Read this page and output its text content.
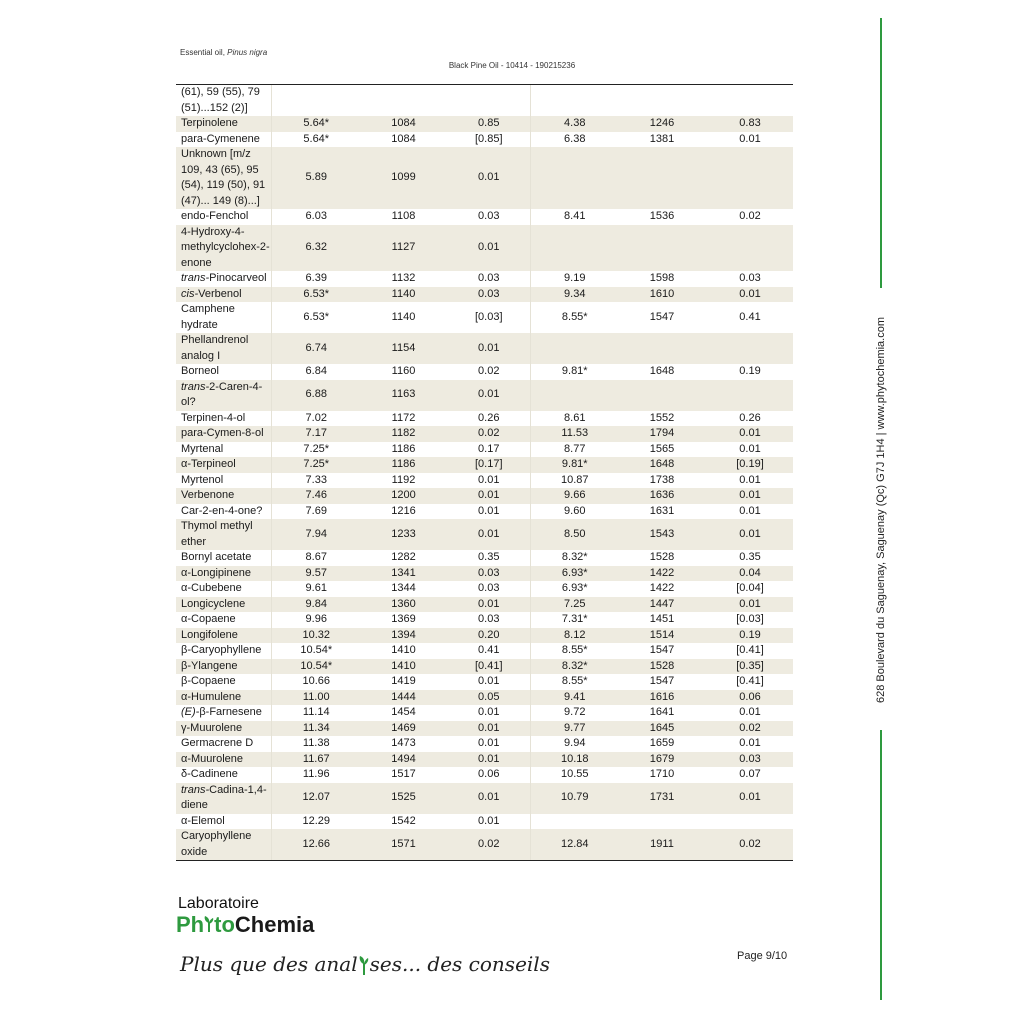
Essential oil, Pinus nigra
Black Pine Oil - 10414 - 190215236
(61), 59 (55), 79 (51)...152 (2)]						
Terpinolene	5.64*	1084	0.85	4.38	1246	0.83
para-Cymenene	5.64*	1084	[0.85]	6.38	1381	0.01
Unknown [m/z 109, 43 (65), 95 (54), 119 (50), 91 (47)... 149 (8)...]	5.89	1099	0.01			
endo-Fenchol	6.03	1108	0.03	8.41	1536	0.02
4-Hydroxy-4-methylcyclohex-2-enone	6.32	1127	0.01			
trans-Pinocarveol	6.39	1132	0.03	9.19	1598	0.03
cis-Verbenol	6.53*	1140	0.03	9.34	1610	0.01
Camphene hydrate	6.53*	1140	[0.03]	8.55*	1547	0.41
Phellandrenol analog I	6.74	1154	0.01			
Borneol	6.84	1160	0.02	9.81*	1648	0.19
trans-2-Caren-4-ol?	6.88	1163	0.01			
Terpinen-4-ol	7.02	1172	0.26	8.61	1552	0.26
para-Cymen-8-ol	7.17	1182	0.02	11.53	1794	0.01
Myrtenal	7.25*	1186	0.17	8.77	1565	0.01
α-Terpineol	7.25*	1186	[0.17]	9.81*	1648	[0.19]
Myrtenol	7.33	1192	0.01	10.87	1738	0.01
Verbenone	7.46	1200	0.01	9.66	1636	0.01
Car-2-en-4-one?	7.69	1216	0.01	9.60	1631	0.01
Thymol methyl ether	7.94	1233	0.01	8.50	1543	0.01
Bornyl acetate	8.67	1282	0.35	8.32*	1528	0.35
α-Longipinene	9.57	1341	0.03	6.93*	1422	0.04
α-Cubebene	9.61	1344	0.03	6.93*	1422	[0.04]
Longicyclene	9.84	1360	0.01	7.25	1447	0.01
α-Copaene	9.96	1369	0.03	7.31*	1451	[0.03]
Longifolene	10.32	1394	0.20	8.12	1514	0.19
β-Caryophyllene	10.54*	1410	0.41	8.55*	1547	[0.41]
β-Ylangene	10.54*	1410	[0.41]	8.32*	1528	[0.35]
β-Copaene	10.66	1419	0.01	8.55*	1547	[0.41]
α-Humulene	11.00	1444	0.05	9.41	1616	0.06
(E)-β-Farnesene	11.14	1454	0.01	9.72	1641	0.01
γ-Muurolene	11.34	1469	0.01	9.77	1645	0.02
Germacrene D	11.38	1473	0.01	9.94	1659	0.01
α-Muurolene	11.67	1494	0.01	10.18	1679	0.03
δ-Cadinene	11.96	1517	0.06	10.55	1710	0.07
trans-Cadina-1,4-diene	12.07	1525	0.01	10.79	1731	0.01
α-Elemol	12.29	1542	0.01			
Caryophyllene oxide	12.66	1571	0.02	12.84	1911	0.02
Laboratoire
Ph toChemia
Plus que des anal ses... des conseils	Page 9/10
628 Boulevard du Saguenay, Saguenay (Qc) G7J 1H4 | www.phytochemia.com
